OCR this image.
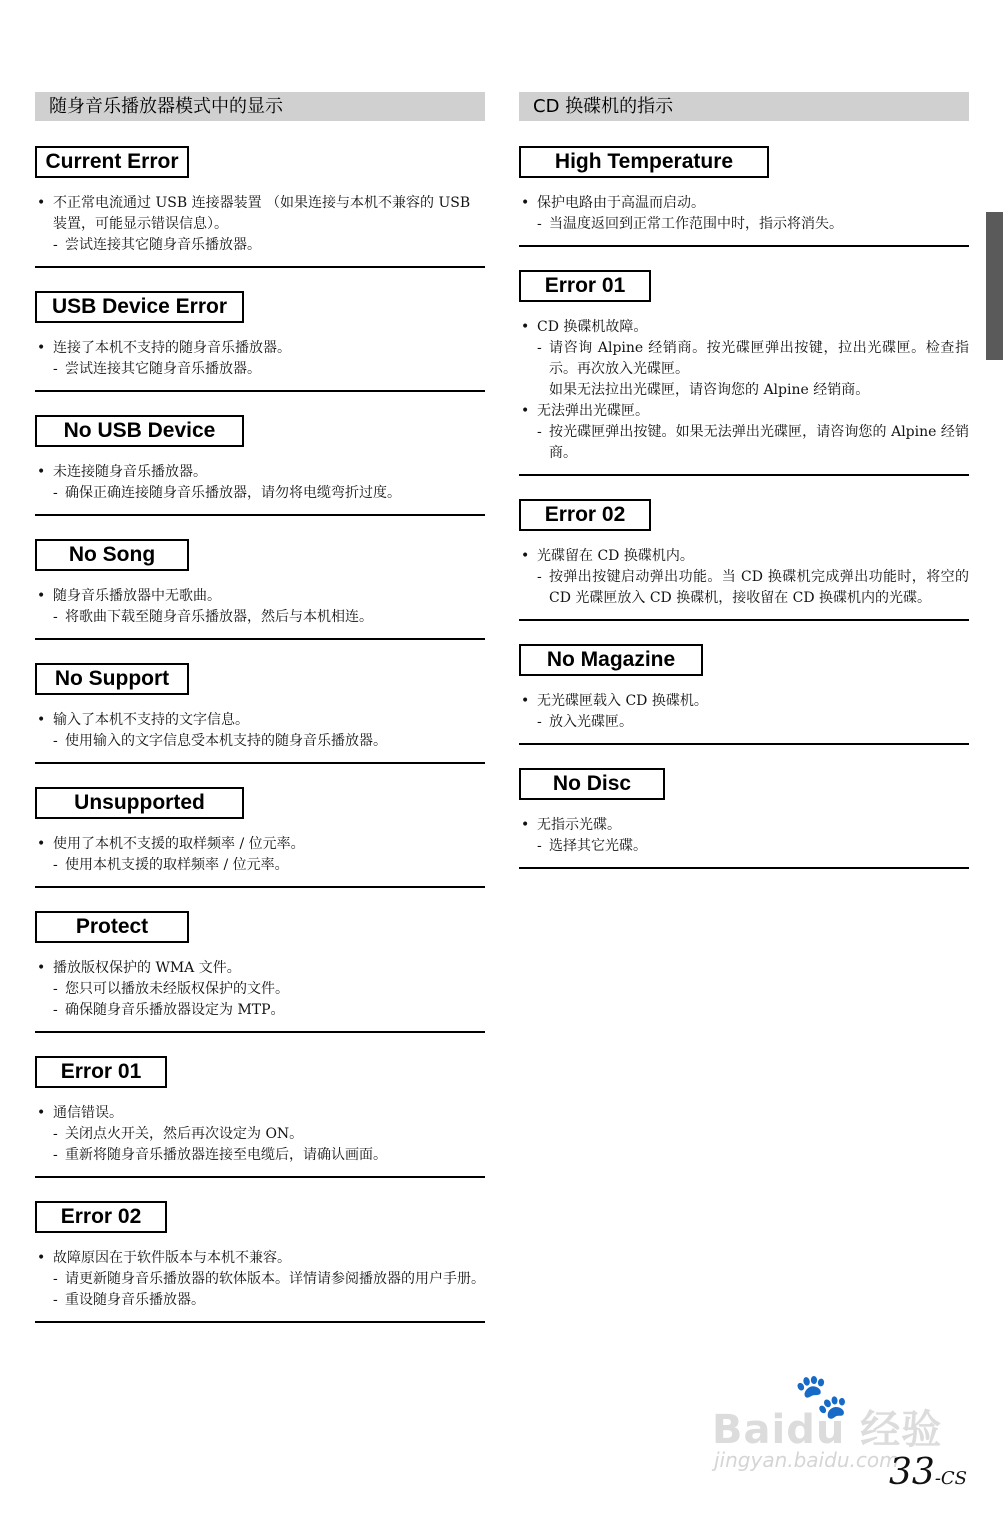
随身音乐播放器模式中的显示
Current Error
• 不正常电流通过 USB 连接器装置 （如果连接与本机不兼容的 USB 装置，可能显示错误信息）。
- 尝试连接其它随身音乐播放器。
USB Device Error
• 连接了本机不支持的随身音乐播放器。
- 尝试连接其它随身音乐播放器。
No USB Device
• 未连接随身音乐播放器。
- 确保正确连接随身音乐播放器，请勿将电缆弯折过度。
No Song
• 随身音乐播放器中无歌曲。
- 将歌曲下载至随身音乐播放器，然后与本机相连。
No Support
• 输入了本机不支持的文字信息。
- 使用输入的文字信息受本机支持的随身音乐播放器。
Unsupported
• 使用了本机不支援的取样频率 / 位元率。
- 使用本机支援的取样频率 / 位元率。
Protect
• 播放版权保护的 WMA 文件。
- 您只可以播放未经版权保护的文件。
- 确保随身音乐播放器设定为 MTP。
Error 01
• 通信错误。
- 关闭点火开关，然后再次设定为 ON。
- 重新将随身音乐播放器连接至电缆后，请确认画面。
Error 02
• 故障原因在于软件版本与本机不兼容。
- 请更新随身音乐播放器的软体版本。详情请参阅播放器的用户手册。
- 重设随身音乐播放器。
CD 换碟机的指示
High Temperature
• 保护电路由于高温而启动。
- 当温度返回到正常工作范围中时，指示将消失。
Error 01
• CD 换碟机故障。
- 请咨询 Alpine 经销商。按光碟匣弹出按键，拉出光碟匣。检查指示。再次放入光碟匣。
如果无法拉出光碟匣，请咨询您的 Alpine 经销商。
• 无法弹出光碟匣。
- 按光碟匣弹出按键。如果无法弹出光碟匣，请咨询您的 Alpine 经销商。
Error 02
• 光碟留在 CD 换碟机内。
- 按弹出按键启动弹出功能。当 CD 换碟机完成弹出功能时，将空的 CD 光碟匣放入 CD 换碟机，接收留在 CD 换碟机内的光碟。
No Magazine
• 无光碟匣载入 CD 换碟机。
- 放入光碟匣。
No Disc
• 无指示光碟。
- 选择其它光碟。
🐾
Baidu 经验
jingyan.baidu.com
33-CS
